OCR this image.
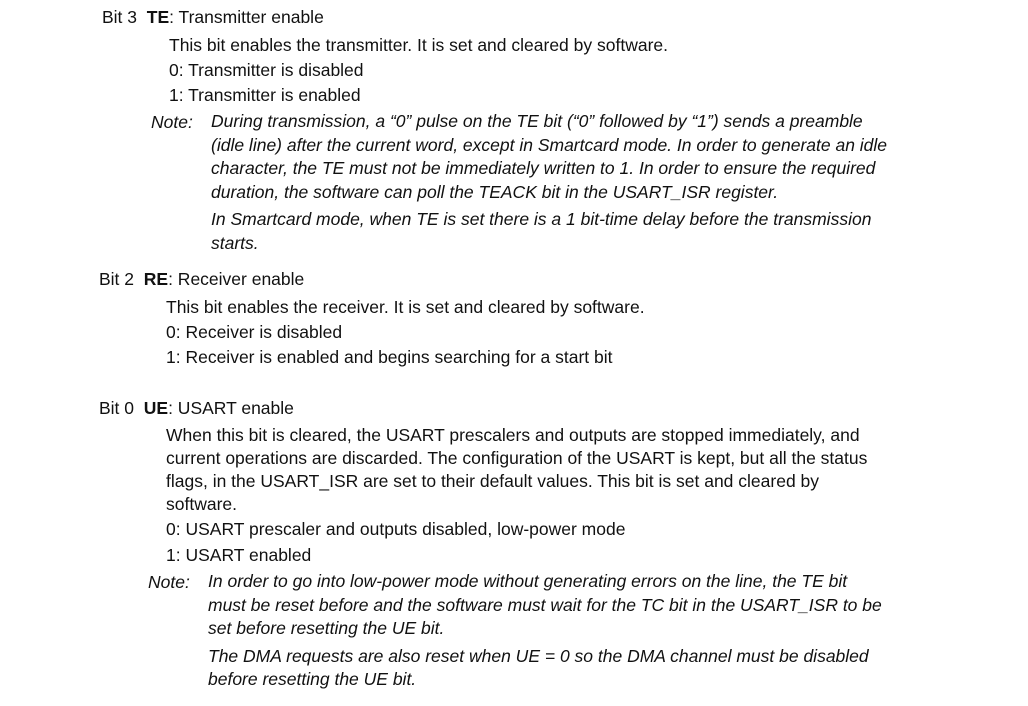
Bit 3 TE: Transmitter enable
This bit enables the transmitter. It is set and cleared by software.
0: Transmitter is disabled
1: Transmitter is enabled
Note: During transmission, a “0” pulse on the TE bit (“0” followed by “1”) sends a preamble
(idle line) after the current word, except in Smartcard mode. In order to generate an idle
character, the TE must not be immediately written to 1. In order to ensure the required
duration, the software can poll the TEACK bit in the USART_ISR register.
In Smartcard mode, when TE is set there is a 1 bit-time delay before the transmission
starts.
Bit 2 RE: Receiver enable
This bit enables the receiver. It is set and cleared by software.
0: Receiver is disabled
1: Receiver is enabled and begins searching for a start bit
Bit 0 UE: USART enable
When this bit is cleared, the USART prescalers and outputs are stopped immediately, and
current operations are discarded. The configuration of the USART is kept, but all the status
flags, in the USART_ISR are set to their default values. This bit is set and cleared by
software.
0: USART prescaler and outputs disabled, low-power mode
1: USART enabled
Note: In order to go into low-power mode without generating errors on the line, the TE bit
must be reset before and the software must wait for the TC bit in the USART_ISR to be
set before resetting the UE bit.
The DMA requests are also reset when UE = 0 so the DMA channel must be disabled
before resetting the UE bit.
